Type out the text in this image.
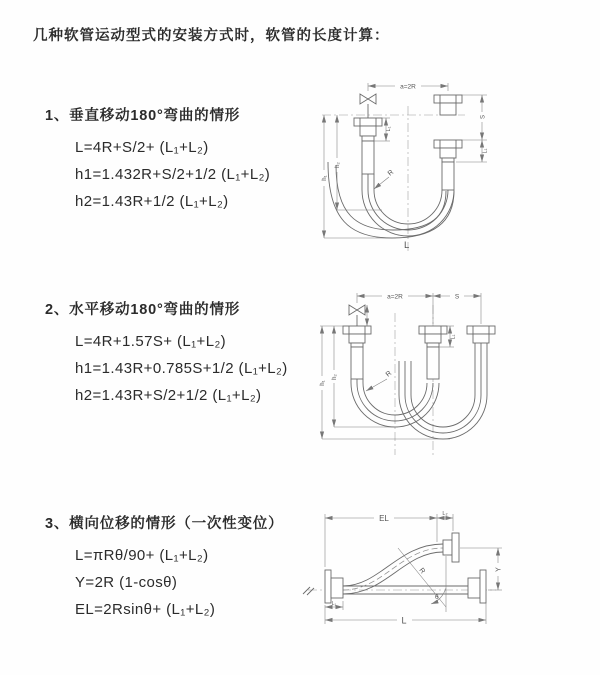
几种软管运动型式的安装方式时，软管的长度计算：
1、垂直移动180°弯曲的情形
L=4R+S/2+ (L₁+L₂)
h1=1.432R+S/2+1/2 (L₁+L₂)
h2=1.43R+1/2 (L₁+L₂)
a=2R
h₁
h₂
S
L₁
L₁
R
L
2、水平移动180°弯曲的情形
L=4R+1.57S+ (L₁+L₂)
h1=1.43R+0.785S+1/2 (L₁+L₂)
h2=1.43R+S/2+1/2 (L₁+L₂)
a=2R	S
h₁
h₂
L₁
R
3、横向位移的情形（一次性变位）
L=πRθ/90+ (L₁+L₂)
Y=2R (1-cosθ)
EL=2Rsinθ+ (L₁+L₂)
θ
R
EL	L₂
Y
L
L₁
